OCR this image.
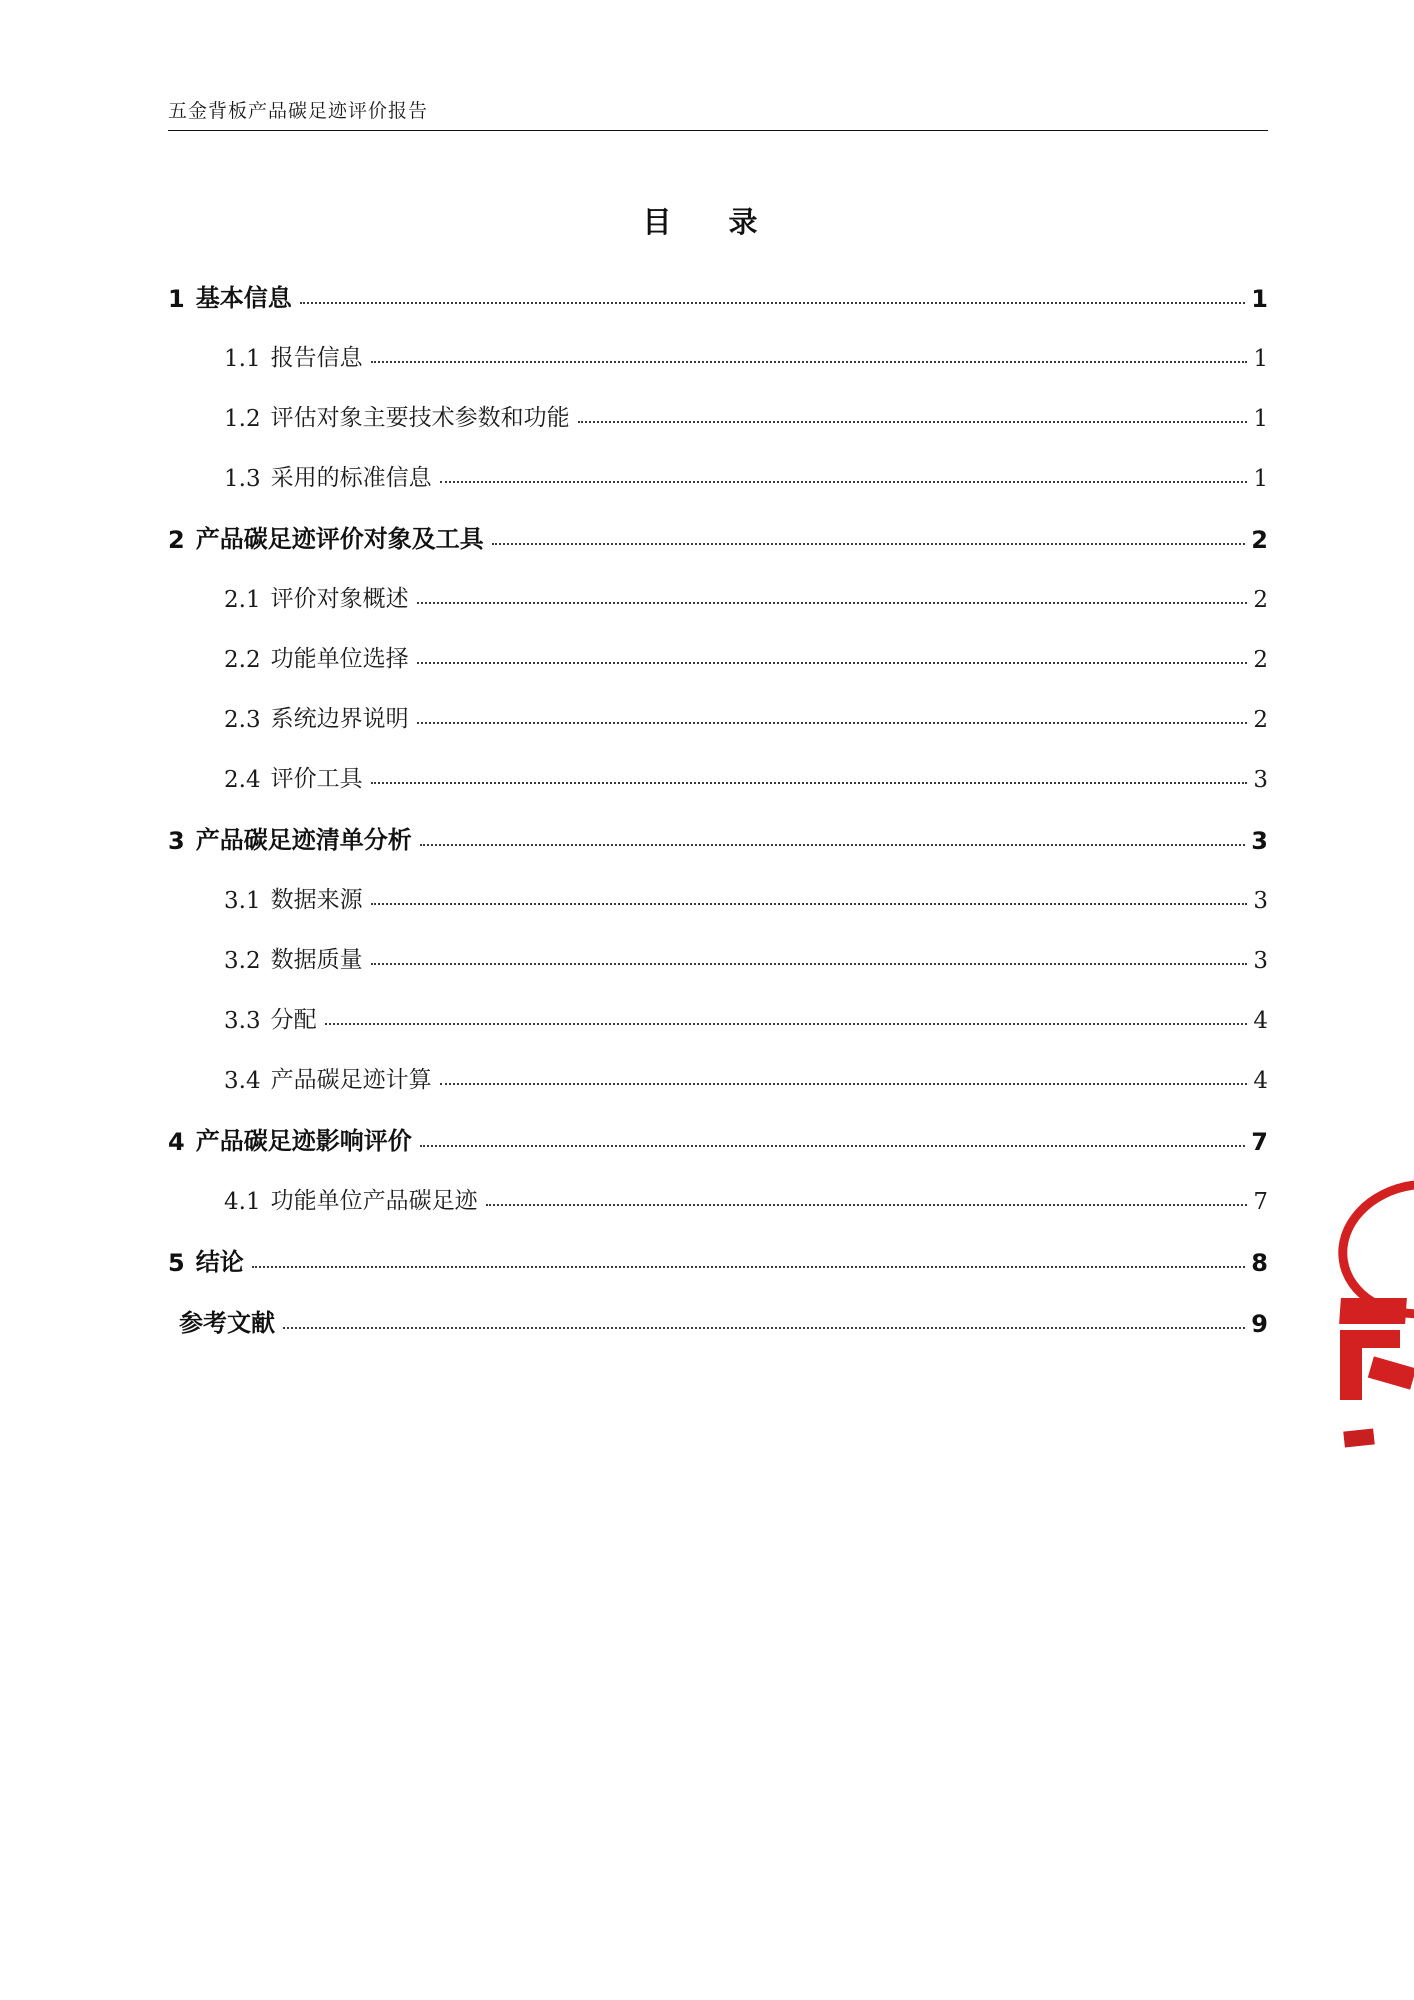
五金背板产品碳足迹评价报告
目　录
1 基本信息	1
1.1 报告信息	1
1.2 评估对象主要技术参数和功能	1
1.3 采用的标准信息	1
2 产品碳足迹评价对象及工具	2
2.1 评价对象概述	2
2.2 功能单位选择	2
2.3 系统边界说明	2
2.4 评价工具	3
3 产品碳足迹清单分析	3
3.1 数据来源	3
3.2 数据质量	3
3.3 分配	4
3.4 产品碳足迹计算	4
4 产品碳足迹影响评价	7
4.1 功能单位产品碳足迹	7
5 结论	8
参考文献	9
